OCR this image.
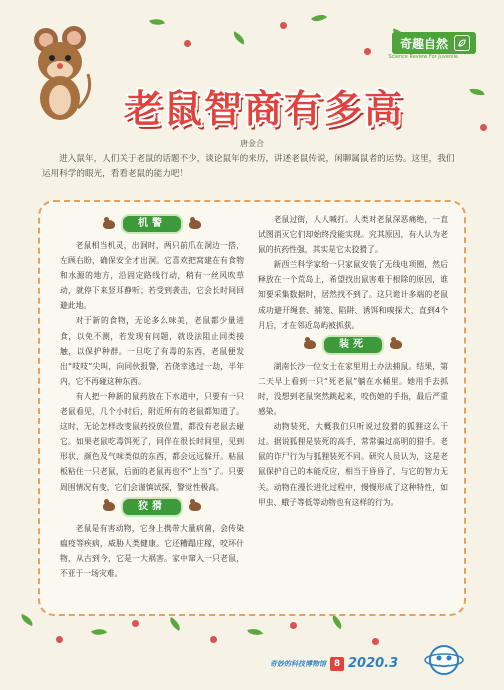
奇趣自然
Science Review For Juvenile
老鼠智商有多高
唐金合

进入鼠年，人们关于老鼠的话题不少，谈论鼠年的来历，讲述老鼠传说，闲聊属鼠者的运势。这里，我们运用科学的眼光，看看老鼠的能力吧！

机警

老鼠相当机灵，出洞时，两只前爪在洞边一搭，左顾右盼，确保安全才出洞。它喜欢把窝建在有食物和水源的地方，沿固定路线行动，稍有一丝风吹草动，就停下来竖耳静听；若受到袭击，它会长时间回避此地。

对于新的食物，无论多么味美，老鼠都少量进食，以免不测，若发现有问题，就设法阻止同类接触，以保护种群。一旦吃了有毒的东西，老鼠便发出“吱吱”尖叫，向同伙报警，若侥幸逃过一劫，半年内，它不再碰这种东西。

有人把一种新的鼠药放在下水道中，只要有一只老鼠看见，几个小时后，附近所有的老鼠都知道了。这时，无论怎样改变鼠药投放位置，都没有老鼠去碰它。如果老鼠吃毒饵死了，同伴在很长时间里，见到形状、颜色及气味类似的东西，都会远远躲开。粘鼠板粘住一只老鼠，后面的老鼠再也不“上当”了。只要周围情况有变，它们会谨慎试探，警觉性极高。

狡猾

老鼠是有害动物，它身上携带大量病菌，会传染瘟疫等疾病，威胁人类健康。它还糟蹋庄稼，咬坏什物，从古到今，它是一大祸害。家中窜入一只老鼠，不亚于一场灾难。

老鼠过街，人人喊打。人类对老鼠深恶痛绝，一直试图消灭它们却始终没能实现。究其原因，有人认为老鼠的抗药性强，其实是它太狡猾了。

新西兰科学家给一只家鼠安装了无线电项圈，然后释放在一个荒岛上，希望找出鼠害难于根除的原因，谁知要采集数据时，居然找不到了。这只诡计多端的老鼠成功避开绳套、捕笼、陷阱、诱饵和嗅探犬，直到4个月后，才在邻近岛屿被抓获。

装死

湖南长沙一位女士在家里用土办法捕鼠。结果，第二天早上看到一只“死老鼠”躺在水桶里。她用手去抓时，没想到老鼠突然跳起来，咬伤她的手指，最后严重感染。

动物装死，大概我们只听说过狡猾的狐狸这么干过。据说狐狸是装死的高手，常常骗过高明的猎手。老鼠的诈尸行为与狐狸装死不同。研究人员认为，这是老鼠保护自己的本能反应，相当于昏昏了，与它的智力无关。动物在漫长进化过程中，慢慢形成了这种特性，如甲虫、蛾子等低等动物也有这样的行为。

奇妙的科技博物馆 8 2020.3
